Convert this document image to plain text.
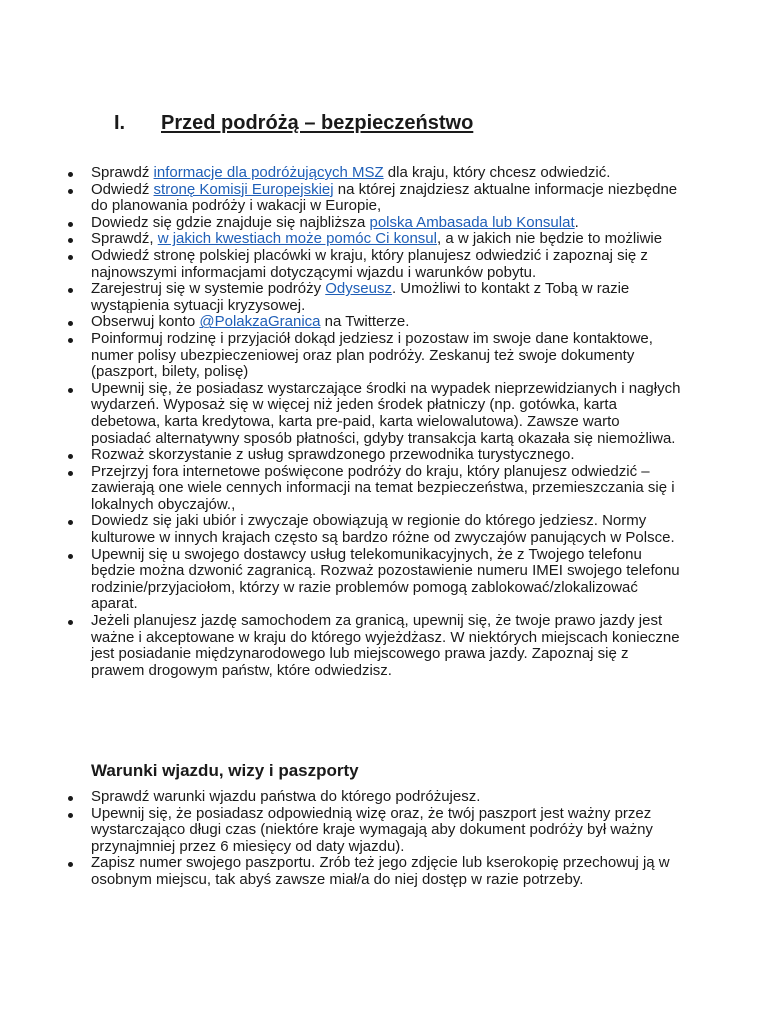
I. Przed podróżą – bezpieczeństwo
Sprawdź informacje dla podróżujących MSZ dla kraju, który chcesz odwiedzić.
Odwiedź stronę Komisji Europejskiej na której znajdziesz aktualne informacje niezbędne do planowania podróży i wakacji w Europie,
Dowiedz się gdzie znajduje się najbliższa polska Ambasada lub Konsulat.
Sprawdź, w jakich kwestiach może pomóc Ci konsul, a w jakich nie będzie to możliwie
Odwiedź stronę polskiej placówki w kraju, który planujesz odwiedzić i zapoznaj się z najnowszymi informacjami dotyczącymi wjazdu i warunków pobytu.
Zarejestruj się w systemie podróży Odyseusz. Umożliwi to kontakt z Tobą w razie wystąpienia sytuacji kryzysowej.
Obserwuj konto @PolakzaGranica na Twitterze.
Poinformuj rodzinę i przyjaciół dokąd jedziesz i pozostaw im swoje dane kontaktowe, numer polisy ubezpieczeniowej oraz plan podróży. Zeskanuj też swoje dokumenty (paszport, bilety, polisę)
Upewnij się, że posiadasz wystarczające środki na wypadek nieprzewidzianych i nagłych wydarzeń. Wyposaż się w więcej niż jeden środek płatniczy (np. gotówka, karta debetowa, karta kredytowa, karta pre-paid, karta wielowalutowa). Zawsze warto posiadać alternatywny sposób płatności, gdyby transakcja kartą okazała się niemożliwa.
Rozważ skorzystanie z usług sprawdzonego przewodnika turystycznego.
Przejrzyj fora internetowe poświęcone podróży do kraju, który planujesz odwiedzić – zawierają one wiele cennych informacji na temat bezpieczeństwa, przemieszczania się i lokalnych obyczajów.,
Dowiedz się jaki ubiór i zwyczaje obowiązują w regionie do którego jedziesz. Normy kulturowe w innych krajach często są bardzo różne od zwyczajów panujących w Polsce.
Upewnij się u swojego dostawcy usług telekomunikacyjnych, że z Twojego telefonu będzie można dzwonić zagranicą. Rozważ pozostawienie numeru IMEI swojego telefonu rodzinie/przyjaciołom, którzy w razie problemów pomogą zablokować/zlokalizować aparat.
Jeżeli planujesz jazdę samochodem za granicą, upewnij się, że twoje prawo jazdy jest ważne i akceptowane w kraju do którego wyjeżdżasz. W niektórych miejscach konieczne jest posiadanie międzynarodowego lub miejscowego prawa jazdy. Zapoznaj się z prawem drogowym państw, które odwiedzisz.
Warunki wjazdu, wizy i paszporty
Sprawdź warunki wjazdu państwa do którego podróżujesz.
Upewnij się, że posiadasz odpowiednią wizę oraz, że twój paszport jest ważny przez wystarczająco długi czas (niektóre kraje wymagają aby dokument podróży był ważny przynajmniej przez 6 miesięcy od daty wjazdu).
Zapisz numer swojego paszportu. Zrób też jego zdjęcie lub kserokopię przechowuj ją w osobnym miejscu, tak abyś zawsze miał/a do niej dostęp w razie potrzeby.
